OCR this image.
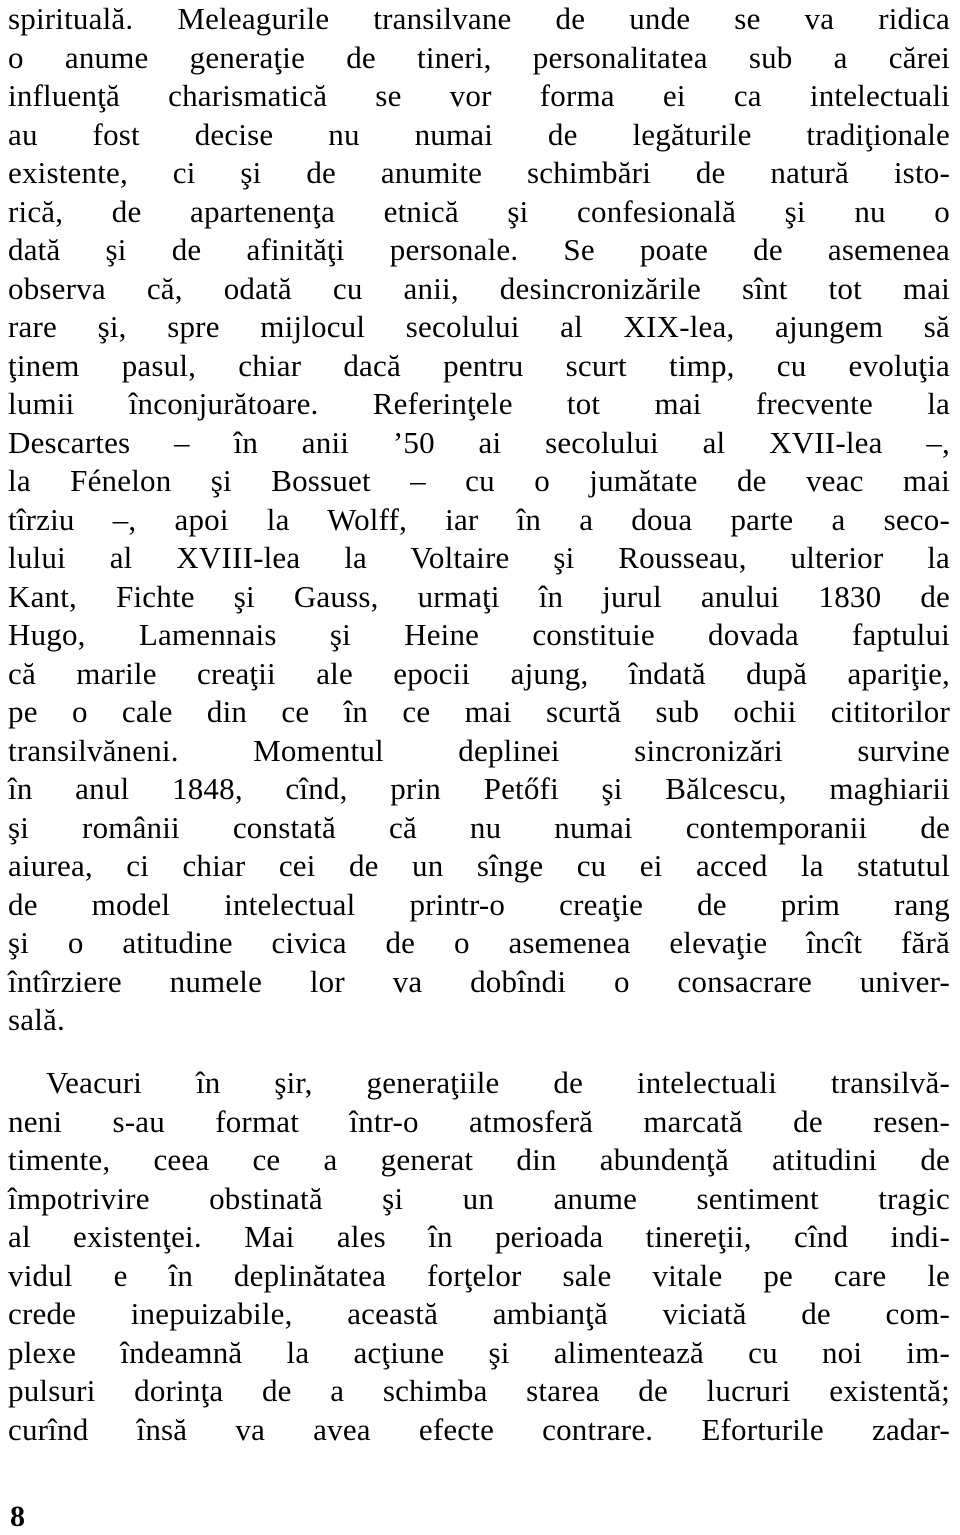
spirituală. Meleagurile transilvane de unde se va ridica
o anume generaţie de tineri, personalitatea sub a cărei
influenţă charismatică se vor forma ei ca intelectuali
au fost decise nu numai de legăturile tradiţionale
existente, ci şi de anumite schimbări de natură isto-
rică, de apartenenţa etnică şi confesională şi nu o
dată şi de afinităţi personale. Se poate de asemenea
observa că, odată cu anii, desincronizările sînt tot mai
rare şi, spre mijlocul secolului al XIX-lea, ajungem să
ţinem pasul, chiar dacă pentru scurt timp, cu evoluţia
lumii înconjurătoare. Referinţele tot mai frecvente la
Descartes – în anii ’50 ai secolului al XVII-lea –,
la Fénelon şi Bossuet – cu o jumătate de veac mai
tîrziu –, apoi la Wolff, iar în a doua parte a seco-
lului al XVIII-lea la Voltaire şi Rousseau, ulterior la
Kant, Fichte şi Gauss, urmaţi în jurul anului 1830 de
Hugo, Lamennais şi Heine constituie dovada faptului
că marile creaţii ale epocii ajung, îndată după apariţie,
pe o cale din ce în ce mai scurtă sub ochii cititorilor
transilvăneni. Momentul deplinei sincronizări survine
în anul 1848, cînd, prin Petőfi şi Bălcescu, maghiarii
şi românii constată că nu numai contemporanii de
aiurea, ci chiar cei de un sînge cu ei acced la statutul
de model intelectual printr-o creaţie de prim rang
şi o atitudine civica de o asemenea elevaţie încît fără
întîrziere numele lor va dobîndi o consacrare univer-
sală.
Veacuri în şir, generaţiile de intelectuali transilvă-
neni s-au format într-o atmosferă marcată de resen-
timente, ceea ce a generat din abundenţă atitudini de
împotrivire obstinată şi un anume sentiment tragic
al existenţei. Mai ales în perioada tinereţii, cînd indi-
vidul e în deplinătatea forţelor sale vitale pe care le
crede inepuizabile, această ambianţă viciată de com-
plexe îndeamnă la acţiune şi alimentează cu noi im-
pulsuri dorinţa de a schimba starea de lucruri existentă;
curînd însă va avea efecte contrare. Eforturile zadar-
8
